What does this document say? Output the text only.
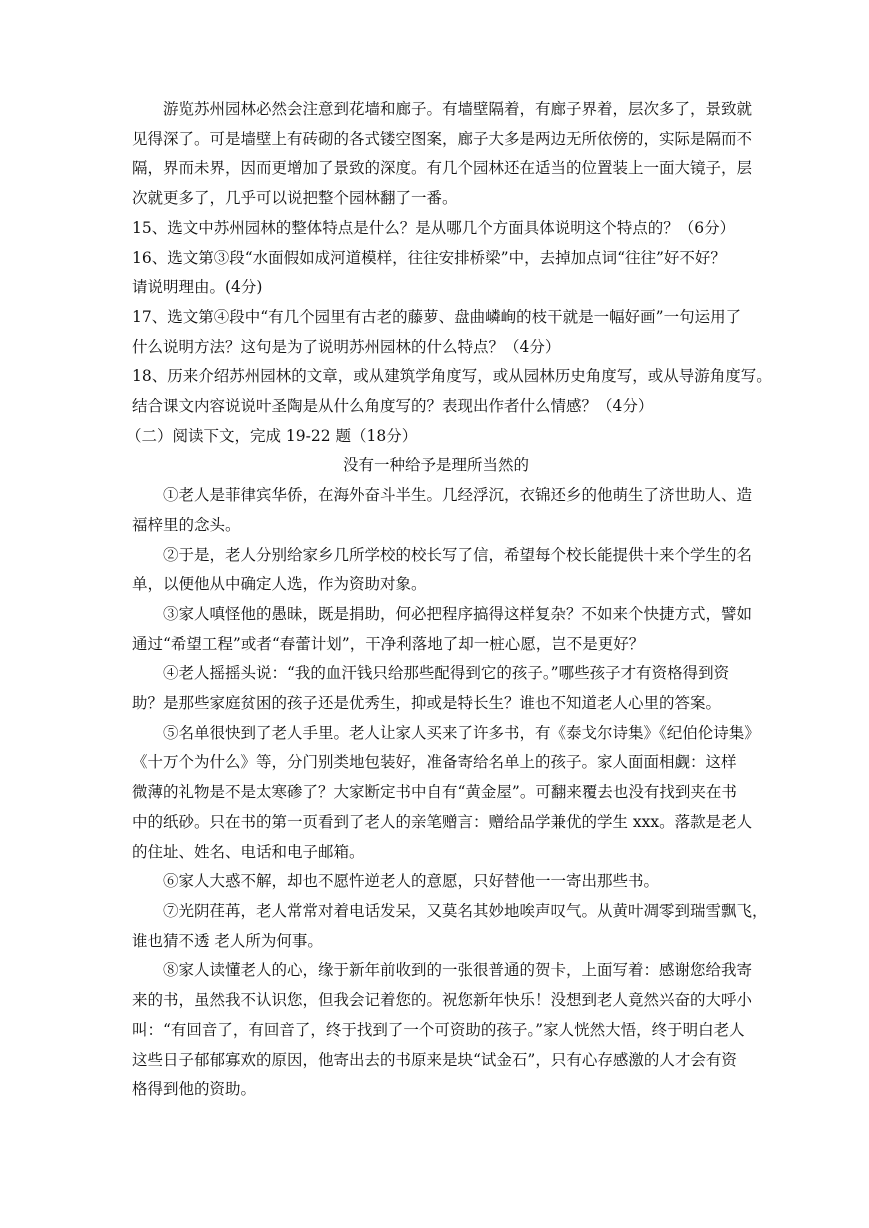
游览苏州园林必然会注意到花墙和廊子。有墙壁隔着，有廊子界着，层次多了，景致就

见得深了。可是墙壁上有砖砌的各式镂空图案，廊子大多是两边无所依傍的，实际是隔而不

隔，界而未界，因而更增加了景致的深度。有几个园林还在适当的位置装上一面大镜子，层

次就更多了，几乎可以说把整个园林翻了一番。

15、选文中苏州园林的整体特点是什么？是从哪几个方面具体说明这个特点的？（6分）

16、选文第③段“水面假如成河道模样，往往安排桥梁”中，去掉加点词“往往”好不好？

请说明理由。(4分)

17、选文第④段中“有几个园里有古老的藤萝、盘曲嶙峋的枝干就是一幅好画”一句运用了

什么说明方法？这句是为了说明苏州园林的什么特点？（4分）

18、历来介绍苏州园林的文章，或从建筑学角度写，或从园林历史角度写，或从导游角度写。

结合课文内容说说叶圣陶是从什么角度写的？表现出作者什么情感？（4分）

（二）阅读下文，完成 19-22 题（18分）

没有一种给予是理所当然的

①老人是菲律宾华侨，在海外奋斗半生。几经浮沉，衣锦还乡的他萌生了济世助人、造

福梓里的念头。

②于是，老人分别给家乡几所学校的校长写了信，希望每个校长能提供十来个学生的名

单，以便他从中确定人选，作为资助对象。

③家人嗔怪他的愚昧，既是捐助，何必把程序搞得这样复杂？不如来个快捷方式，譬如

通过“希望工程”或者“春蕾计划”，干净利落地了却一桩心愿，岂不是更好？

④老人摇摇头说：“我的血汗钱只给那些配得到它的孩子。”哪些孩子才有资格得到资

助？是那些家庭贫困的孩子还是优秀生，抑或是特长生？谁也不知道老人心里的答案。

⑤名单很快到了老人手里。老人让家人买来了许多书，有《泰戈尔诗集》《纪伯伦诗集》

《十万个为什么》等，分门别类地包装好，准备寄给名单上的孩子。家人面面相觑：这样

微薄的礼物是不是太寒碜了？大家断定书中自有“黄金屋”。可翻来覆去也没有找到夹在书

中的纸砂。只在书的第一页看到了老人的亲笔赠言：赠给品学兼优的学生 xxx。落款是老人

的住址、姓名、电话和电子邮箱。

⑥家人大惑不解，却也不愿忤逆老人的意愿，只好替他一一寄出那些书。

⑦光阴荏苒，老人常常对着电话发呆，又莫名其妙地唉声叹气。从黄叶凋零到瑞雪飘飞，

谁也猜不透 老人所为何事。

⑧家人读懂老人的心，缘于新年前收到的一张很普通的贺卡，上面写着：感谢您给我寄

来的书，虽然我不认识您，但我会记着您的。祝您新年快乐！没想到老人竟然兴奋的大呼小

叫：“有回音了，有回音了，终于找到了一个可资助的孩子。”家人恍然大悟，终于明白老人

这些日子郁郁寡欢的原因，他寄出去的书原来是块“试金石”，只有心存感激的人才会有资

格得到他的资助。
